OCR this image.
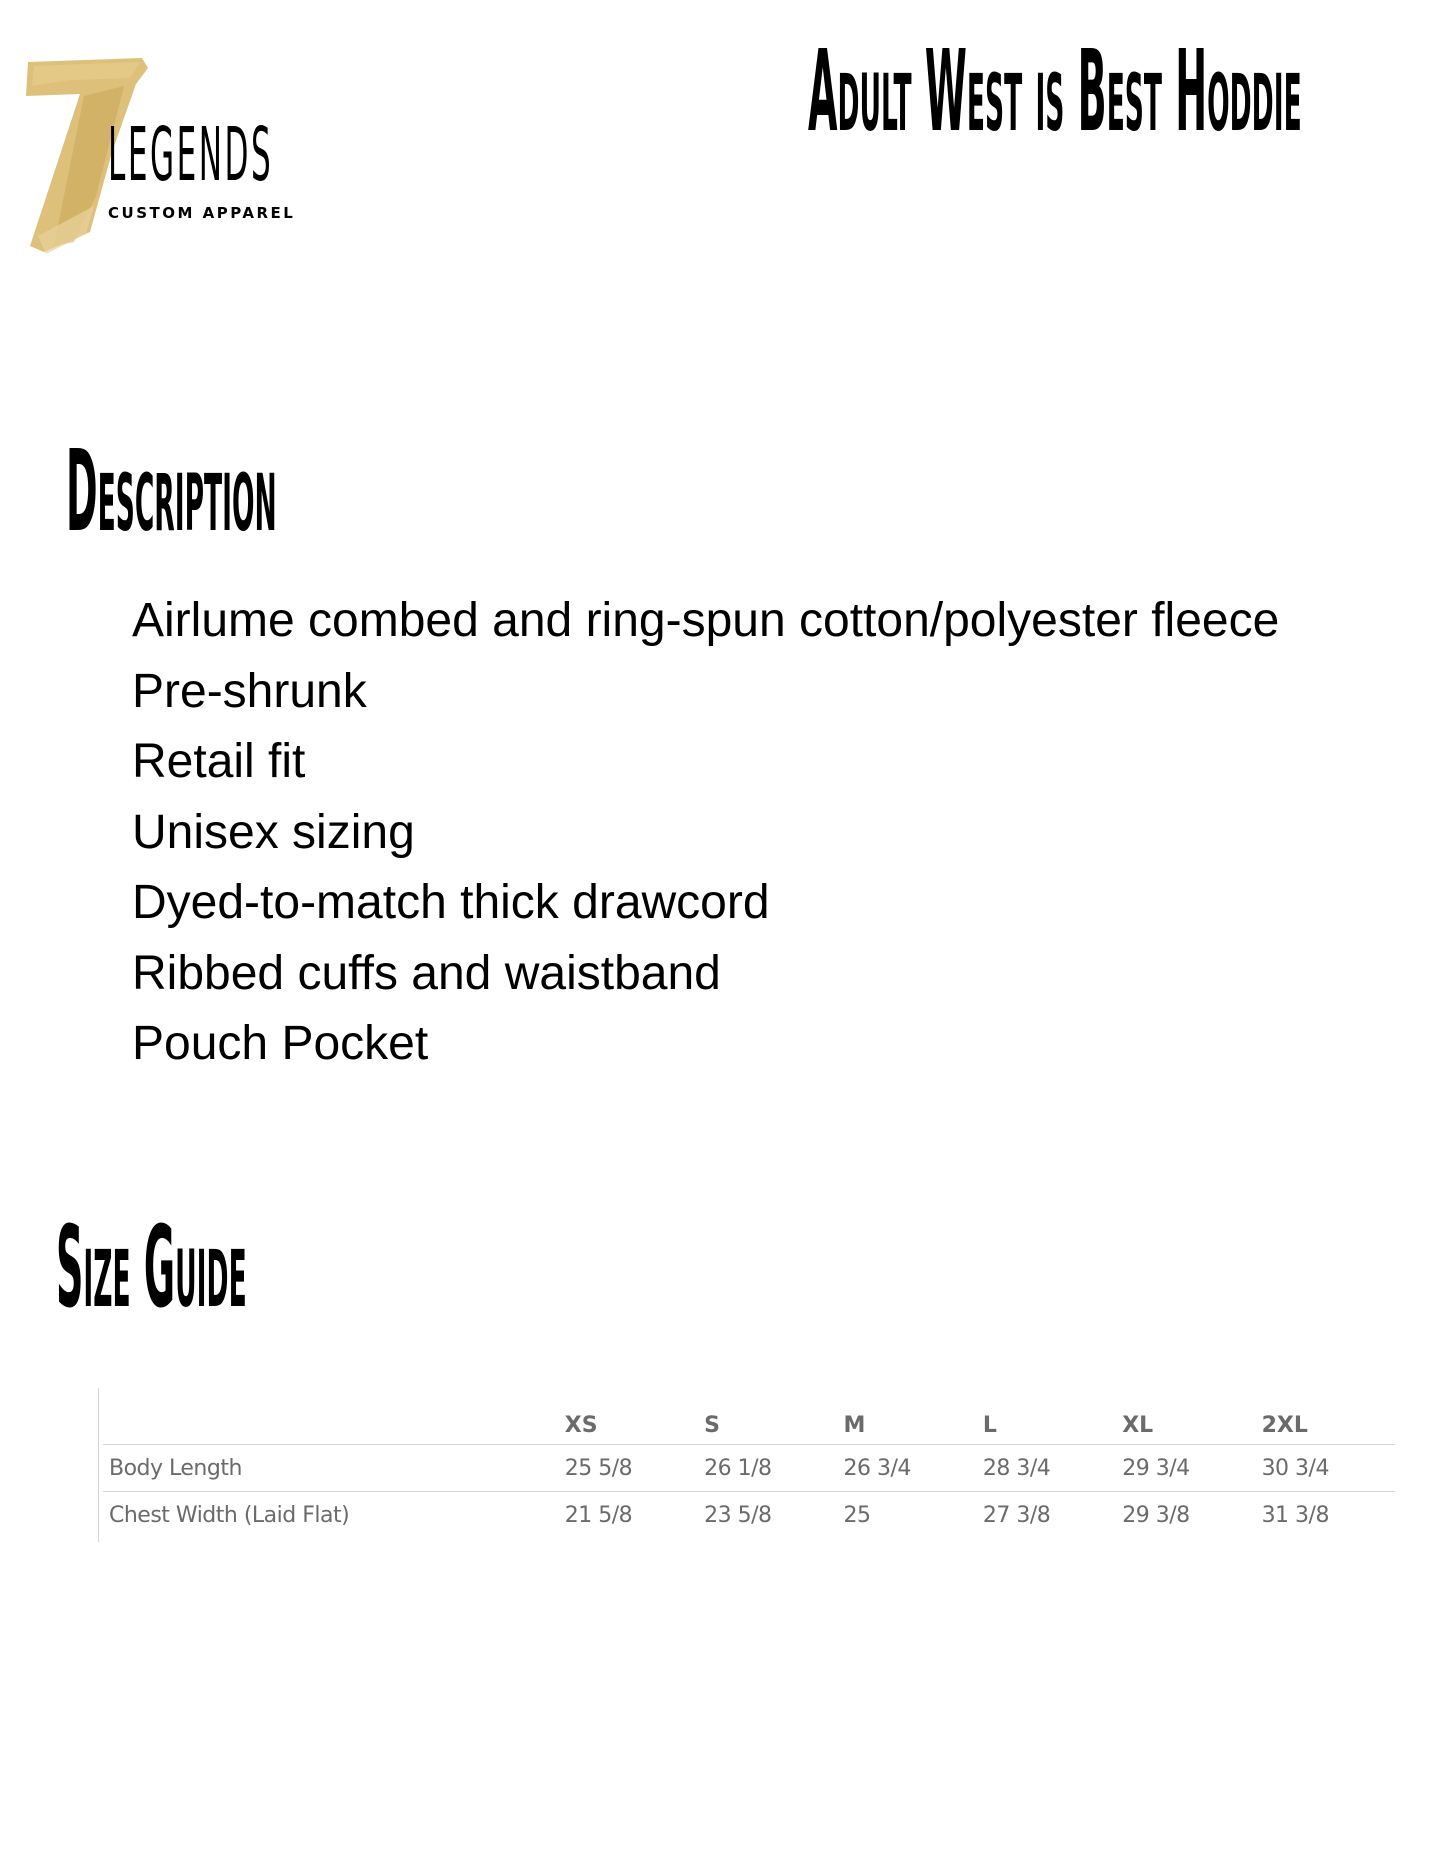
LEGENDS
CUSTOM APPAREL
Adult West is Best Hoddie
Description
Airlume combed and ring-spun cotton/polyester fleece
Pre-shrunk
Retail fit
Unisex sizing
Dyed-to-match thick drawcord
Ribbed cuffs and waistband
Pouch Pocket
Size Guide
	XS	S	M	L	XL	2XL
Body Length	25 5/8	26 1/8	26 3/4	28 3/4	29 3/4	30 3/4
Chest Width (Laid Flat)	21 5/8	23 5/8	25	27 3/8	29 3/8	31 3/8
